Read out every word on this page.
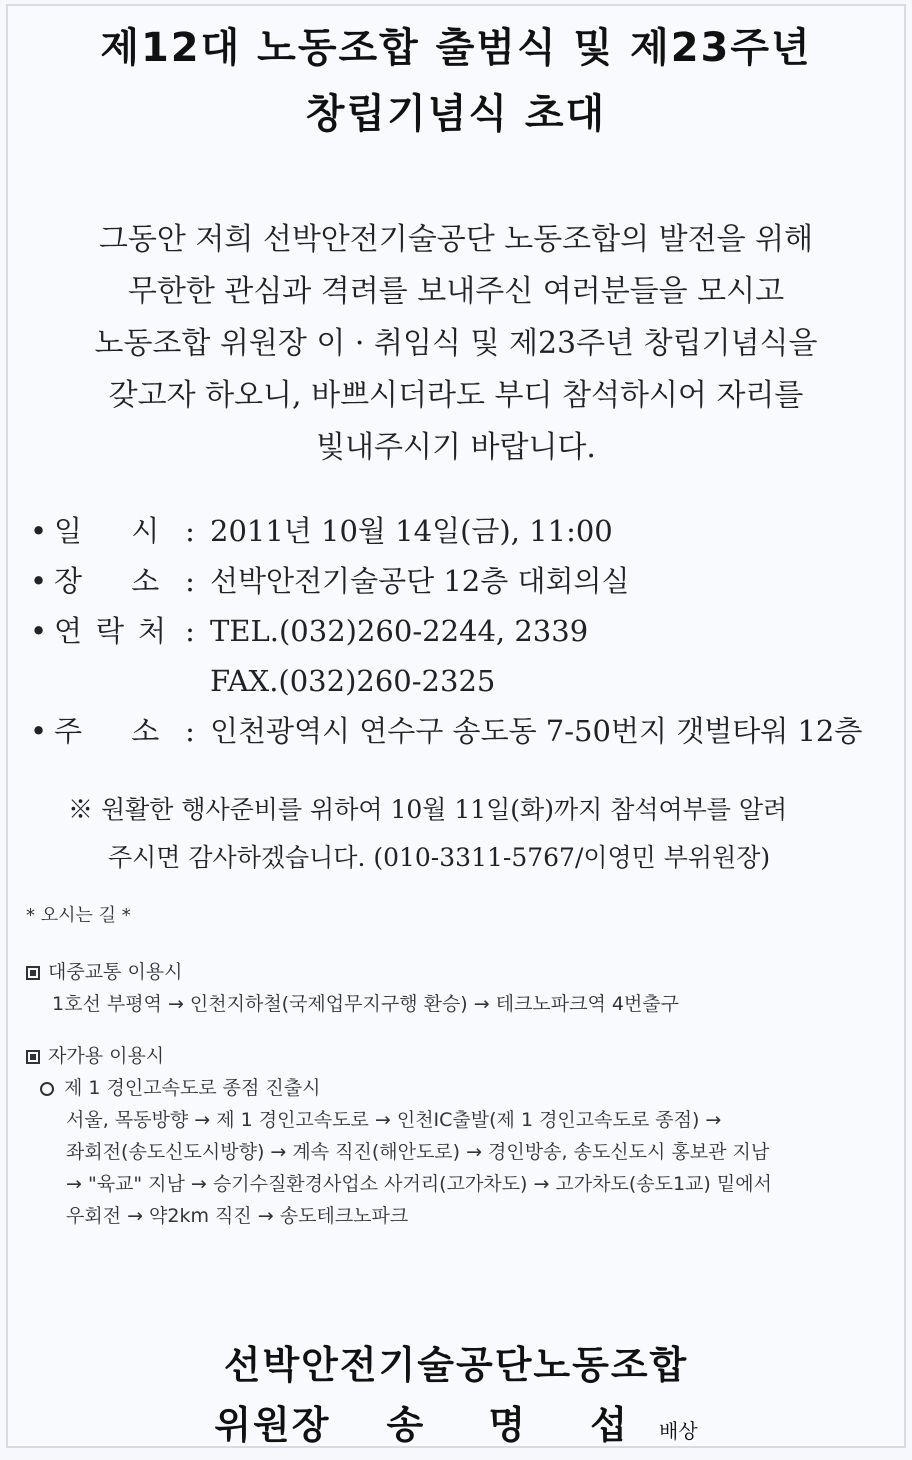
제12대 노동조합 출범식 및 제23주년
창립기념식 초대
그동안 저희 선박안전기술공단 노동조합의 발전을 위해
무한한 관심과 격려를 보내주신 여러분들을 모시고
노동조합 위원장 이 · 취임식 및 제23주년 창립기념식을
갖고자 하오니, 바쁘시더라도 부디 참석하시어 자리를
빛내주시기 바랍니다.
• 일 시 : 2011년 10월 14일(금), 11:00
• 장 소 : 선박안전기술공단 12층 대회의실
• 연락처 : TEL.(032)260-2244, 2339
FAX.(032)260-2325
• 주 소 : 인천광역시 연수구 송도동 7-50번지 갯벌타워 12층
※ 원활한 행사준비를 위하여 10월 11일(화)까지 참석여부를 알려
주시면 감사하겠습니다. (010-3311-5767/이영민 부위원장)
* 오시는 길 *
대중교통 이용시
1호선 부평역 → 인천지하철(국제업무지구행 환승) → 테크노파크역 4번출구
자가용 이용시
제 1 경인고속도로 종점 진출시
서울, 목동방향 → 제 1 경인고속도로 → 인천IC출발(제 1 경인고속도로 종점) →
좌회전(송도신도시방향) → 계속 직진(해안도로) → 경인방송, 송도신도시 홍보관 지남
→ "육교" 지남 → 승기수질환경사업소 사거리(고가차도) → 고가차도(송도1교) 밑에서
우회전 → 약2km 직진 → 송도테크노파크
선박안전기술공단노동조합
위원장 송 명 섭 배상
